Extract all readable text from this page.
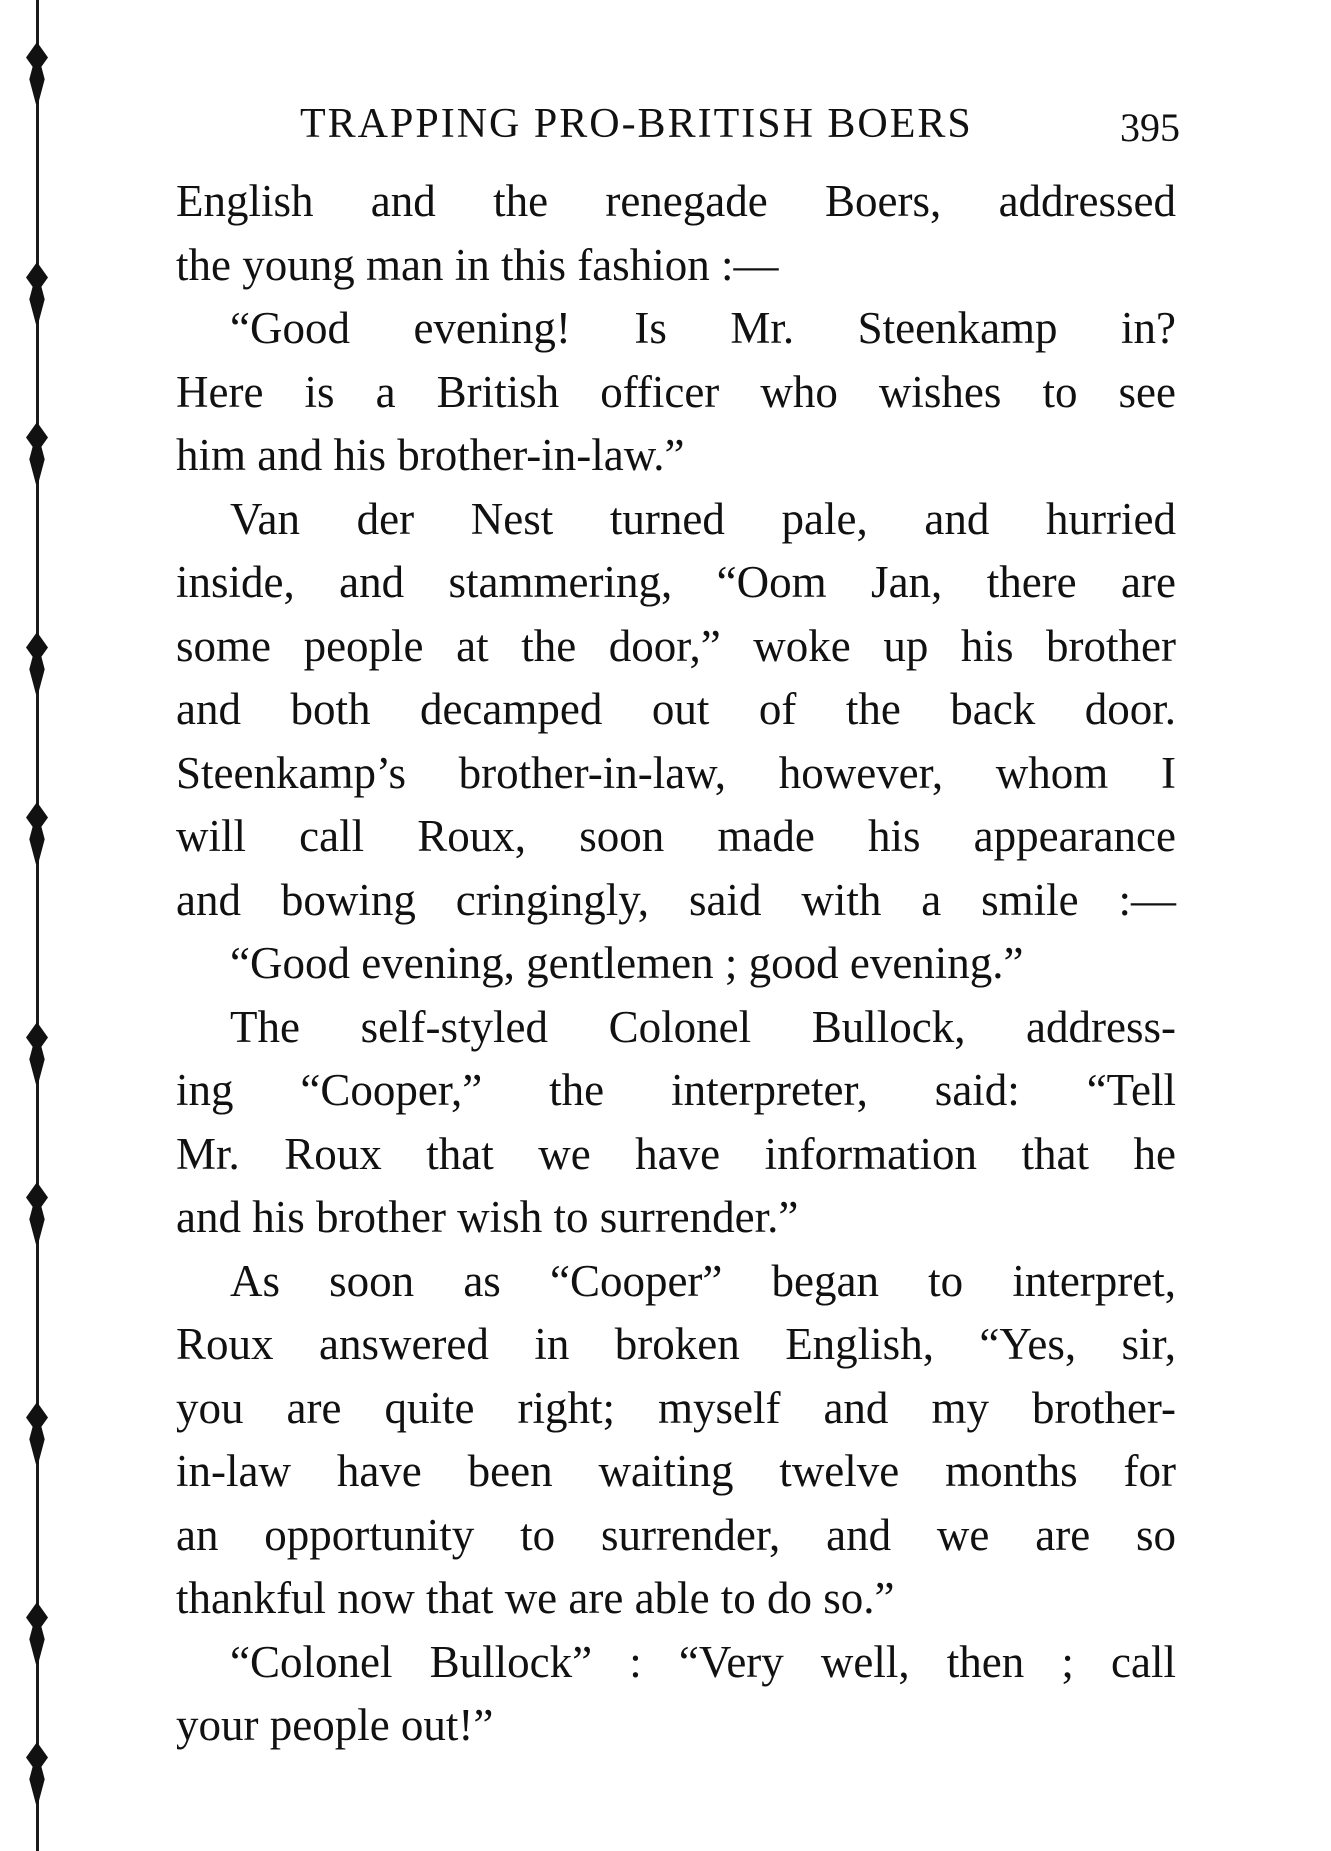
TRAPPING PRO-BRITISH BOERS	395
English and the renegade Boers, addressed
the young man in this fashion :—
“Good evening! Is Mr. Steenkamp in?
Here is a British officer who wishes to see
him and his brother-in-law.”
Van der Nest turned pale, and hurried
inside, and stammering, “Oom Jan, there are
some people at the door,” woke up his brother
and both decamped out of the back door.
Steenkamp’s brother-in-law, however, whom I
will call Roux, soon made his appearance
and bowing cringingly, said with a smile :—
“Good evening, gentlemen ; good evening.”
The self-styled Colonel Bullock, address-
ing “Cooper,” the interpreter, said: “Tell
Mr. Roux that we have information that he
and his brother wish to surrender.”
As soon as “Cooper” began to interpret,
Roux answered in broken English, “Yes, sir,
you are quite right; myself and my brother-
in-law have been waiting twelve months for
an opportunity to surrender, and we are so
thankful now that we are able to do so.”
“Colonel Bullock” : “Very well, then ; call
your people out!”
